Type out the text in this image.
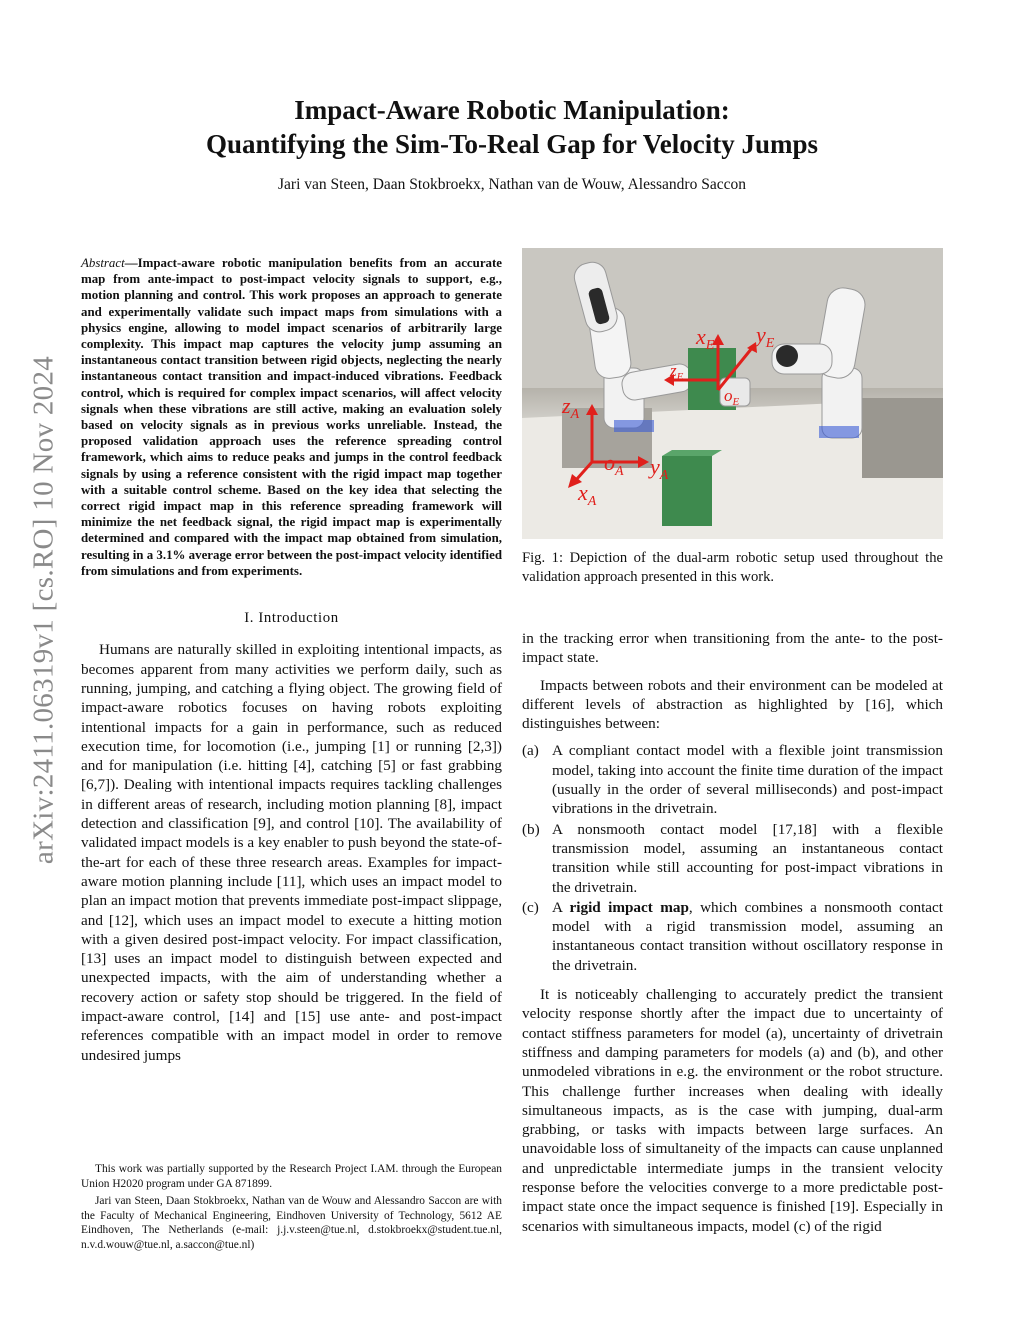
arXiv:2411.06319v1 [cs.RO] 10 Nov 2024
Impact-Aware Robotic Manipulation:
Quantifying the Sim-To-Real Gap for Velocity Jumps
Jari van Steen, Daan Stokbroekx, Nathan van de Wouw, Alessandro Saccon

Abstract—Impact-aware robotic manipulation benefits from an accurate map from ante-impact to post-impact velocity signals to support, e.g., motion planning and control. This work proposes an approach to generate and experimentally validate such impact maps from simulations with a physics engine, allowing to model impact scenarios of arbitrarily large complexity. This impact map captures the velocity jump assuming an instantaneous contact transition between rigid objects, neglecting the nearly instantaneous contact transition and impact-induced vibrations. Feedback control, which is required for complex impact scenarios, will affect velocity signals when these vibrations are still active, making an evaluation solely based on velocity signals as in previous works unreliable. Instead, the proposed validation approach uses the reference spreading control framework, which aims to reduce peaks and jumps in the control feedback signals by using a reference consistent with the rigid impact map together with a suitable control scheme. Based on the key idea that selecting the correct rigid impact map in this reference spreading framework will minimize the net feedback signal, the rigid impact map is experimentally determined and compared with the impact map obtained from simulation, resulting in a 3.1% average error between the post-impact velocity identified from simulations and from experiments.

I. Introduction

Humans are naturally skilled in exploiting intentional impacts, as becomes apparent from many activities we perform daily, such as running, jumping, and catching a flying object. The growing field of impact-aware robotics focuses on having robots exploiting intentional impacts for a gain in performance, such as reduced execution time, for locomotion (i.e., jumping [1] or running [2,3]) and for manipulation (i.e. hitting [4], catching [5] or fast grabbing [6,7]). Dealing with intentional impacts requires tackling challenges in different areas of research, including motion planning [8], impact detection and classification [9], and control [10]. The availability of validated impact models is a key enabler to push beyond the state-of-the-art for each of these three research areas. Examples for impact-aware motion planning include [11], which uses an impact model to plan an impact motion that prevents immediate post-impact slippage, and [12], which uses an impact model to execute a hitting motion with a given desired post-impact velocity. For impact classification, [13] uses an impact model to distinguish between expected and unexpected impacts, with the aim of understanding whether a recovery action or safety stop should be triggered. In the field of impact-aware control, [14] and [15] use ante- and post-impact references compatible with an impact model in order to remove undesired jumps

$x_E$ $y_E$
$z_E$
$o_E$
$z_A$
$o_A$ $y_A$
$x_A$
Fig. 1: Depiction of the dual-arm robotic setup used throughout the validation approach presented in this work.

in the tracking error when transitioning from the ante- to the post-impact state.

Impacts between robots and their environment can be modeled at different levels of abstraction as highlighted by [16], which distinguishes between:

(a) A compliant contact model with a flexible joint transmission model, taking into account the finite time duration of the impact (usually in the order of several milliseconds) and post-impact vibrations in the drivetrain.
(b) A nonsmooth contact model [17,18] with a flexible transmission model, assuming an instantaneous contact transition while still accounting for post-impact vibrations in the drivetrain.
(c) A rigid impact map, which combines a nonsmooth contact model with a rigid transmission model, assuming an instantaneous contact transition without oscillatory response in the drivetrain.

It is noticeably challenging to accurately predict the transient velocity response shortly after the impact due to uncertainty of contact stiffness parameters for model (a), uncertainty of drivetrain stiffness and damping parameters for models (a) and (b), and other unmodeled vibrations in e.g. the environment or the robot structure. This challenge further increases when dealing with ideally simultaneous impacts, as is the case with jumping, dual-arm grabbing, or tasks with impacts between large surfaces. An unavoidable loss of simultaneity of the impacts can cause unplanned and unpredictable intermediate jumps in the transient velocity response before the velocities converge to a more predictable post-impact state once the impact sequence is finished [19]. Especially in scenarios with simultaneous impacts, model (c) of the rigid

This work was partially supported by the Research Project I.AM. through the European Union H2020 program under GA 871899.

Jari van Steen, Daan Stokbroekx, Nathan van de Wouw and Alessandro Saccon are with the Faculty of Mechanical Engineering, Eindhoven University of Technology, 5612 AE Eindhoven, The Netherlands (e-mail: j.j.v.steen@tue.nl, d.stokbroekx@student.tue.nl, n.v.d.wouw@tue.nl, a.saccon@tue.nl)
